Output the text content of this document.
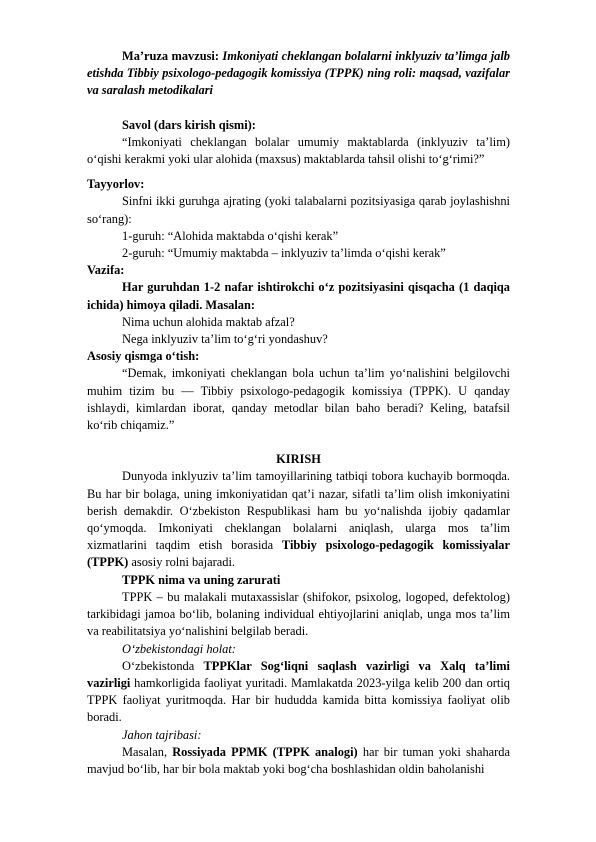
Ma’ruza mavzusi: Imkoniyati cheklangan bolalarni inklyuziv ta’limga jalb etishda Tibbiy psixologo-pedagogik komissiya (TPPK) ning roli: maqsad, vazifalar va saralash metodikalari

Savol (dars kirish qismi):

“Imkoniyati cheklangan bolalar umumiy maktablarda (inklyuziv ta’lim) o‘qishi kerakmi yoki ular alohida (maxsus) maktablarda tahsil olishi to‘g‘rimi?”

Tayyorlov:

Sinfni ikki guruhga ajrating (yoki talabalarni pozitsiyasiga qarab joylashishni so‘rang):

1-guruh: “Alohida maktabda o‘qishi kerak”

2-guruh: “Umumiy maktabda – inklyuziv ta’limda o‘qishi kerak”

Vazifa:

Har guruhdan 1-2 nafar ishtirokchi o‘z pozitsiyasini qisqacha (1 daqiqa ichida) himoya qiladi. Masalan:

Nima uchun alohida maktab afzal?

Nega inklyuziv ta’lim to‘g‘ri yondashuv?

Asosiy qismga o‘tish:

“Demak, imkoniyati cheklangan bola uchun ta’lim yo‘nalishini belgilovchi muhim tizim bu — Tibbiy psixologo-pedagogik komissiya (TPPK). U qanday ishlaydi, kimlardan iborat, qanday metodlar bilan baho beradi? Keling, batafsil ko‘rib chiqamiz.”

KIRISH

Dunyoda inklyuziv ta’lim tamoyillarining tatbiqi tobora kuchayib bormoqda. Bu har bir bolaga, uning imkoniyatidan qat’i nazar, sifatli ta’lim olish imkoniyatini berish demakdir. O‘zbekiston Respublikasi ham bu yo‘nalishda ijobiy qadamlar qo‘ymoqda. Imkoniyati cheklangan bolalarni aniqlash, ularga mos ta’lim xizmatlarini taqdim etish borasida Tibbiy psixologo-pedagogik komissiyalar (TPPK) asosiy rolni bajaradi.

TPPK nima va uning zarurati

TPPK – bu malakali mutaxassislar (shifokor, psixolog, logoped, defektolog) tarkibidagi jamoa bo‘lib, bolaning individual ehtiyojlarini aniqlab, unga mos ta’lim va reabilitatsiya yo‘nalishini belgilab beradi.

O‘zbekistondagi holat:

O‘zbekistonda TPPKlar Sog‘liqni saqlash vazirligi va Xalq ta’limi vazirligi hamkorligida faoliyat yuritadi. Mamlakatda 2023-yilga kelib 200 dan ortiq TPPK faoliyat yuritmoqda. Har bir hududda kamida bitta komissiya faoliyat olib boradi.

Jahon tajribasi:

Masalan, Rossiyada PPMK (TPPK analogi) har bir tuman yoki shaharda mavjud bo‘lib, har bir bola maktab yoki bog‘cha boshlashidan oldin baholanishi
